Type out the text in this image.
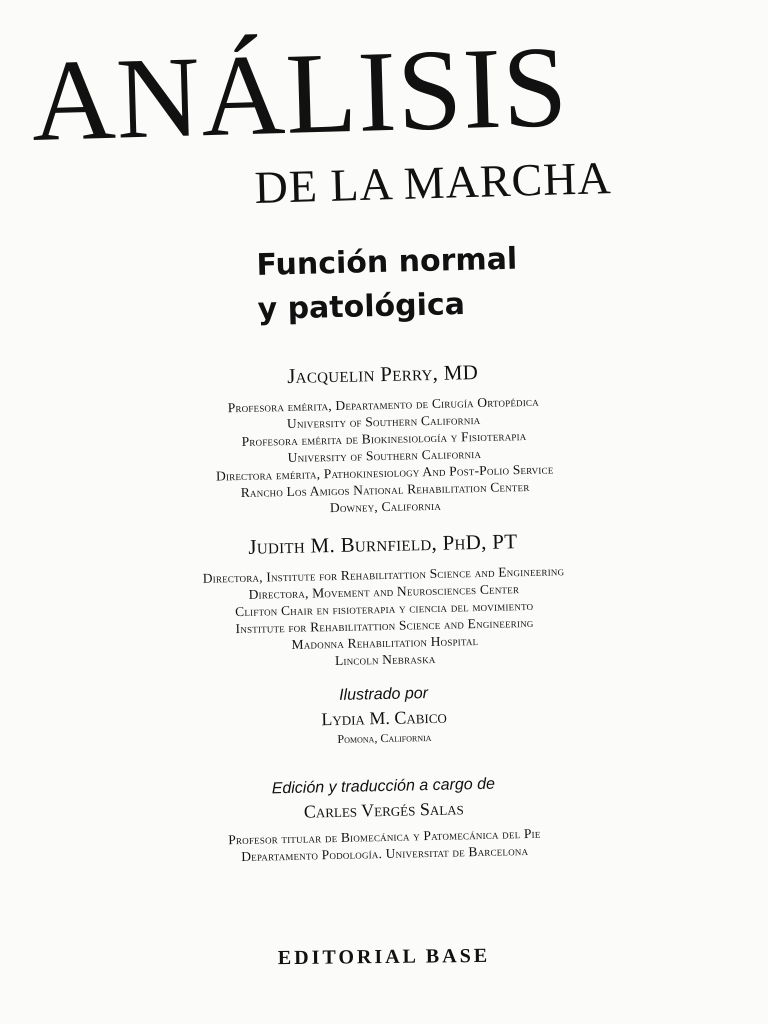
ANÁLISIS
DE LA MARCHA
Función normal
y patológica
Jacquelin Perry, MD
Profesora emérita, Departamento de Cirugía Ortopédica
University of Southern California
Profesora emérita de Biokinesiología y Fisioterapia
University of Southern California
Directora emérita, Pathokinesiology And Post-Polio Service
Rancho Los Amigos National Rehabilitation Center
Downey, California
Judith M. Burnfield, PhD, PT
Directora, Institute for Rehabilitattion Science and Engineering
Directora, Movement and Neurosciences Center
Clifton Chair en fisioterapia y ciencia del movimiento
Institute for Rehabilitattion Science and Engineering
Madonna Rehabilitation Hospital
Lincoln Nebraska
Ilustrado por
Lydia M. Cabico
Pomona, California
Edición y traducción a cargo de
Carles Vergés Salas
Profesor titular de Biomecánica y Patomecánica del Pie
Departamento Podología. Universitat de Barcelona
EDITORIAL BASE
